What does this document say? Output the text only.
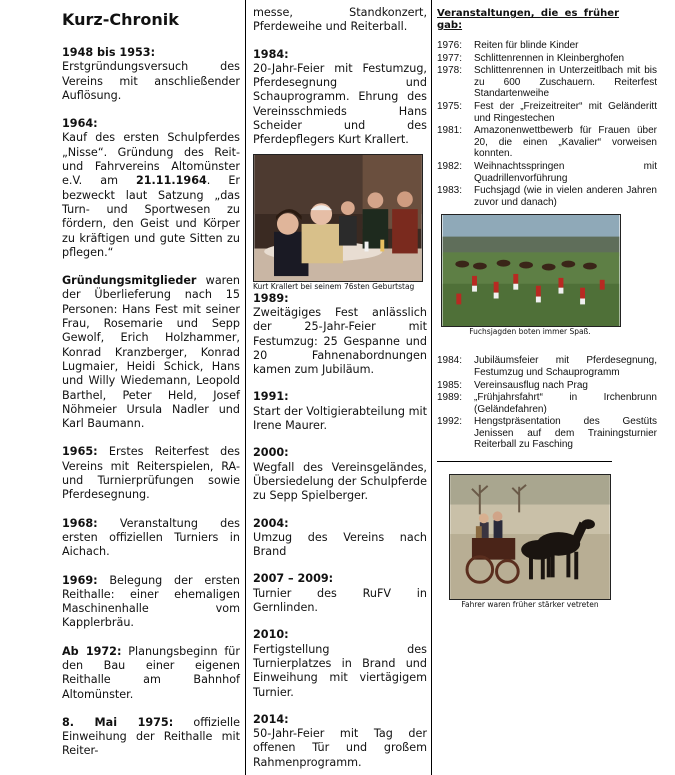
Kurz-Chronik
1948 bis 1953:
Erstgründungsversuch des Vereins mit anschließender Auflösung.
1964:
Kauf des ersten Schulpferdes „Nisse“. Gründung des Reit- und Fahrvereins Altomünster e.V. am 21.11.1964. Er bezweckt laut Satzung „das Turn- und Sportwesen zu fördern, den Geist und Körper zu kräftigen und gute Sitten zu pflegen.“
Gründungsmitglieder waren der Überlieferung nach 15 Personen: Hans Fest mit seiner Frau, Rosemarie und Sepp Gewolf, Erich Holzhammer, Konrad Kranzberger, Konrad Lugmaier, Heidi Schick, Hans und Willy Wiedemann, Leopold Barthel, Peter Held, Josef Nöhmeier Ursula Nadler und Karl Baumann.
1965: Erstes Reiterfest des Vereins mit Reiterspielen, RA- und Turnierprüfungen sowie Pferdesegnung.
1968: Veranstaltung des ersten offiziellen Turniers in Aichach.
1969: Belegung der ersten Reithalle: einer ehemaligen Maschinenhalle vom Kapplerbräu.
Ab 1972: Planungsbeginn für den Bau einer eigenen Reithalle am Bahnhof Altomünster.
8. Mai 1975: offizielle Einweihung der Reithalle mit Reiter-
messe, Standkonzert, Pferdeweihe und Reiterball.
1984:
20-Jahr-Feier mit Festumzug, Pferdesegnung und Schauprogramm. Ehrung des Vereinsschmieds Hans Scheider und des Pferdepflegers Kurt Krallert.
Kurt Krallert bei seinem 76sten Geburtstag
1989:
Zweitägiges Fest anlässlich der 25-Jahr-Feier mit Festumzug: 25 Gespanne und 20 Fahnenabordnungen kamen zum Jubiläum.
1991:
Start der Voltigierabteilung mit Irene Maurer.
2000:
Wegfall des Vereinsgeländes, Übersiedelung der Schulpferde zu Sepp Spielberger.
2004:
Umzug des Vereins nach Brand
2007 – 2009:
Turnier des RuFV in Gernlinden.
2010:
Fertigstellung des Turnierplatzes in Brand und Einweihung mit viertägigem Turnier.
2014:
50-Jahr-Feier mit Tag der offenen Tür und großem Rahmenprogramm.
Veranstaltungen, die es früher gab:
1976:	Reiten für blinde Kinder
1977:	Schlittenrennen in Kleinberghofen
1978:	Schlittenrennen in Unterzeitlbach mit bis zu 600 Zuschauern. Reiterfest Standartenweihe
1975:	Fest der „Freizeitreiter“ mit Geländeritt und Ringestechen
1981:	Amazonenwettbewerb für Frauen über 20, die einen „Kavalier“ vorweisen konnten.
1982:	Weihnachtsspringen mit Quadrillenvorführung
1983:	Fuchsjagd (wie in vielen anderen Jahren zuvor und danach)
Fuchsjagden boten immer Spaß.
1984:	Jubiläumsfeier mit Pferdesegnung, Festumzug und Schauprogramm
1985:	Vereinsausflug nach Prag
1989:	„Frühjahrsfahrt“ in Irchenbrunn (Geländefahren)
1992:	Hengstpräsentation des Gestüts Jenissen auf dem Trainingsturnier Reiterball zu Fasching
Fahrer waren früher stärker vetreten
